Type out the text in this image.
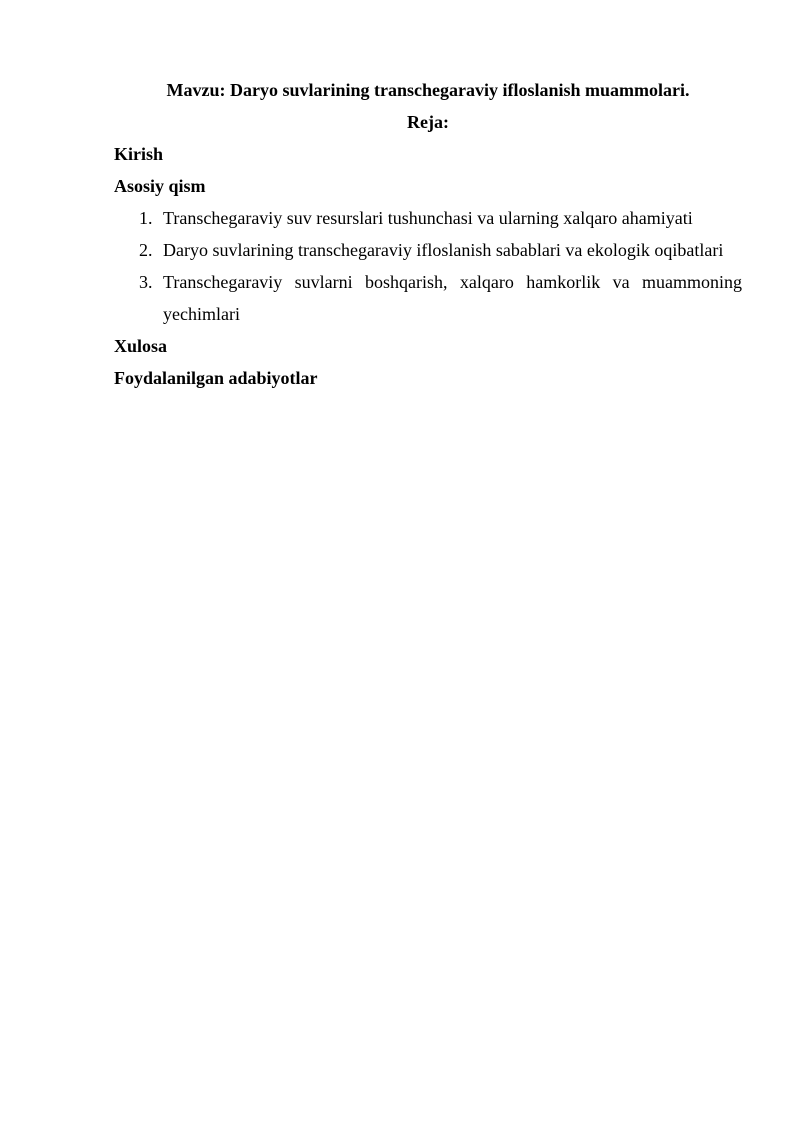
Mavzu: Daryo suvlarining transchegaraviy ifloslanish muammolari.

Reja:

Kirish

Asosiy qism

1. Transchegaraviy suv resurslari tushunchasi va ularning xalqaro ahamiyati
2. Daryo suvlarining transchegaraviy ifloslanish sabablari va ekologik oqibatlari
3. Transchegaraviy suvlarni boshqarish, xalqaro hamkorlik va muammoning yechimlari

Xulosa

Foydalanilgan adabiyotlar
